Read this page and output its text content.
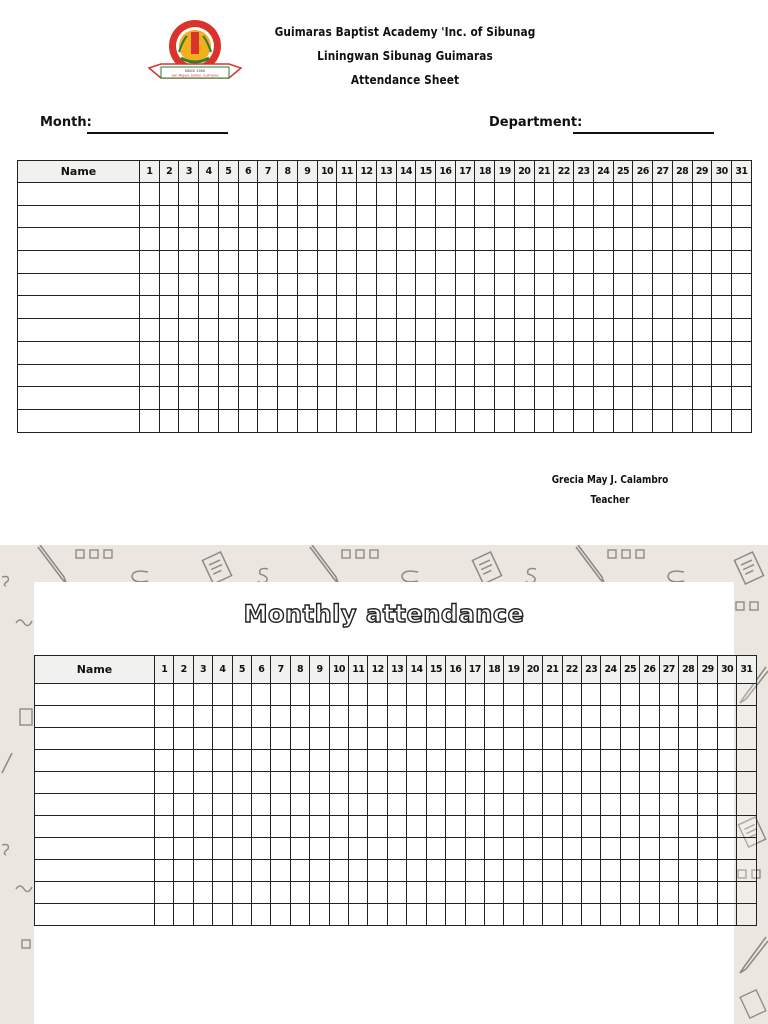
SINCE 2000
San Miguel, Jordan, Guimaras
Guimaras Baptist Academy 'Inc. of Sibunag
Liningwan Sibunag Guimaras
Attendance Sheet
Month:	Department:
Name	1	2	3	4	5	6	7	8	9	10	11	12	13	14	15	16	17	18	19	20	21	22	23	24	25	26	27	28	29	30	31

Grecia May J. Calambro
Teacher
Monthly attendance
Name	1	2	3	4	5	6	7	8	9	10	11	12	13	14	15	16	17	18	19	20	21	22	23	24	25	26	27	28	29	30	31
